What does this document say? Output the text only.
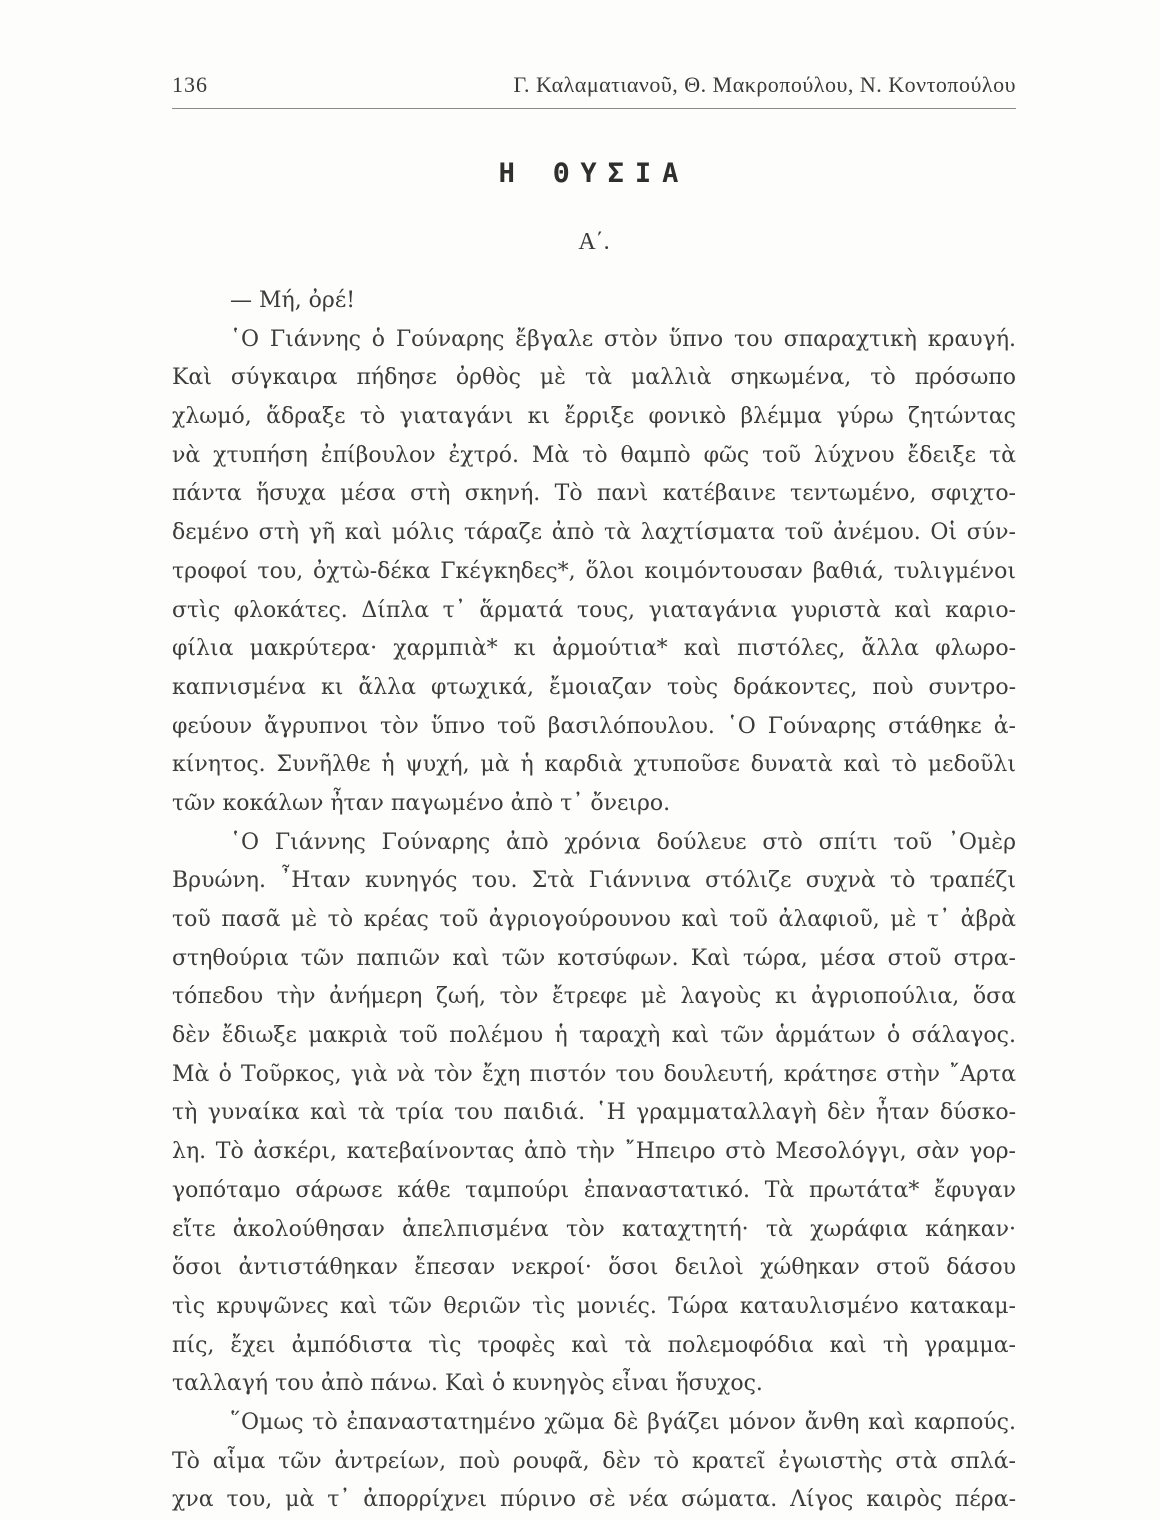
136	Γ. Καλαματιανοῦ, Θ. Μακροπούλου, Ν. Κοντοπούλου
Η ΘΥΣΙΑ
Α΄.
— Μή, ὀρέ!
῾Ο Γιάννης ὁ Γούναρης ἔβγαλε στὸν ὕπνο του σπαραχτικὴ κραυγή.
Καὶ σύγκαιρα πήδησε ὀρθὸς μὲ τὰ μαλλιὰ σηκωμένα, τὸ πρόσωπο
χλωμό, ἅδραξε τὸ γιαταγάνι κι ἔρριξε φονικὸ βλέμμα γύρω ζητώντας
νὰ χτυπήση ἐπίβουλον ἐχτρό. Μὰ τὸ θαμπὸ φῶς τοῦ λύχνου ἔδειξε τὰ
πάντα ἥσυχα μέσα στὴ σκηνή. Τὸ πανὶ κατέβαινε τεντωμένο, σφιχτο-
δεμένο στὴ γῆ καὶ μόλις τάραζε ἀπὸ τὰ λαχτίσματα τοῦ ἀνέμου. Οἱ σύν-
τροφοί του, ὀχτὼ-δέκα Γκέγκηδες*, ὅλοι κοιμόντουσαν βαθιά, τυλιγμένοι
στὶς φλοκάτες. Δίπλα τ᾽ ἅρματά τους, γιαταγάνια γυριστὰ καὶ καριο-
φίλια μακρύτερα· χαρμπιὰ* κι ἀρμούτια* καὶ πιστόλες, ἄλλα φλωρο-
καπνισμένα κι ἄλλα φτωχικά, ἔμοιαζαν τοὺς δράκοντες, ποὺ συντρο-
φεύουν ἄγρυπνοι τὸν ὕπνο τοῦ βασιλόπουλου. ῾Ο Γούναρης στάθηκε ἀ-
κίνητος. Συνῆλθε ἡ ψυχή, μὰ ἡ καρδιὰ χτυποῦσε δυνατὰ καὶ τὸ μεδοῦλι
τῶν κοκάλων ἦταν παγωμένο ἀπὸ τ᾽ ὄνειρο.
῾Ο Γιάννης Γούναρης ἀπὸ χρόνια δούλευε στὸ σπίτι τοῦ ᾽Ομὲρ
Βρυώνη. ῏Ηταν κυνηγός του. Στὰ Γιάννινα στόλιζε συχνὰ τὸ τραπέζι
τοῦ πασᾶ μὲ τὸ κρέας τοῦ ἀγριογούρουνου καὶ τοῦ ἀλαφιοῦ, μὲ τ᾽ ἀβρὰ
στηθούρια τῶν παπιῶν καὶ τῶν κοτσύφων. Καὶ τώρα, μέσα στοῦ στρα-
τόπεδου τὴν ἀνήμερη ζωή, τὸν ἔτρεφε μὲ λαγοὺς κι ἀγριοπούλια, ὅσα
δὲν ἔδιωξε μακριὰ τοῦ πολέμου ἡ ταραχὴ καὶ τῶν ἁρμάτων ὁ σάλαγος.
Μὰ ὁ Τοῦρκος, γιὰ νὰ τὸν ἔχη πιστόν του δουλευτή, κράτησε στὴν ῎Αρτα
τὴ γυναίκα καὶ τὰ τρία του παιδιά. ῾Η γραμματαλλαγὴ δὲν ἦταν δύσκο-
λη. Τὸ ἀσκέρι, κατεβαίνοντας ἀπὸ τὴν ῎Ηπειρο στὸ Μεσολόγγι, σὰν γορ-
γοπόταμο σάρωσε κάθε ταμπούρι ἐπαναστατικό. Τὰ πρωτάτα* ἔφυγαν
εἴτε ἀκολούθησαν ἀπελπισμένα τὸν καταχτητή· τὰ χωράφια κάηκαν·
ὅσοι ἀντιστάθηκαν ἔπεσαν νεκροί· ὅσοι δειλοὶ χώθηκαν στοῦ δάσου
τὶς κρυψῶνες καὶ τῶν θεριῶν τὶς μονιές. Τώρα καταυλισμένο κατακαμ-
πίς, ἔχει ἀμπόδιστα τὶς τροφὲς καὶ τὰ πολεμοφόδια καὶ τὴ γραμμα-
ταλλαγή του ἀπὸ πάνω. Καὶ ὁ κυνηγὸς εἶναι ἥσυχος.
῞Ομως τὸ ἐπαναστατημένο χῶμα δὲ βγάζει μόνον ἄνθη καὶ καρπούς.
Τὸ αἷμα τῶν ἀντρείων, ποὺ ρουφᾶ, δὲν τὸ κρατεῖ ἐγωιστὴς στὰ σπλά-
χνα του, μὰ τ᾽ ἀπορρίχνει πύρινο σὲ νέα σώματα. Λίγος καιρὸς πέρα-
